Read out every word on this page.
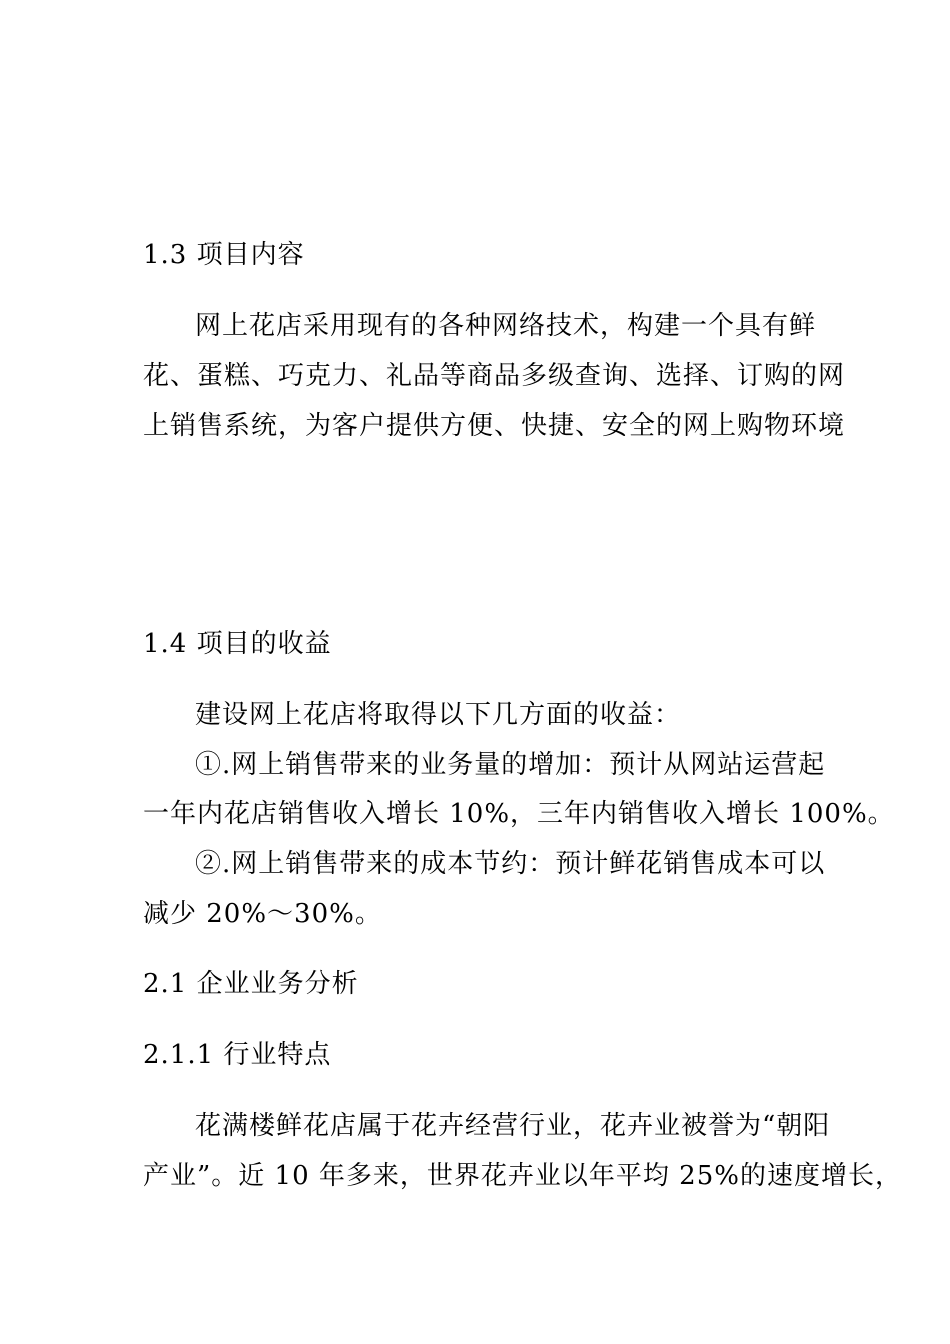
1.3 项目内容
网上花店采用现有的各种网络技术，构建一个具有鲜
花、蛋糕、巧克力、礼品等商品多级查询、选择、订购的网
上销售系统，为客户提供方便、快捷、安全的网上购物环境
1.4 项目的收益
建设网上花店将取得以下几方面的收益：
①.网上销售带来的业务量的增加：预计从网站运营起
一年内花店销售收入增长 10%，三年内销售收入增长 100%。
②.网上销售带来的成本节约：预计鲜花销售成本可以
减少 20%～30%。
2.1 企业业务分析
2.1.1 行业特点
花满楼鲜花店属于花卉经营行业，花卉业被誉为“朝阳
产业”。近 10 年多来，世界花卉业以年平均 25%的速度增长，
